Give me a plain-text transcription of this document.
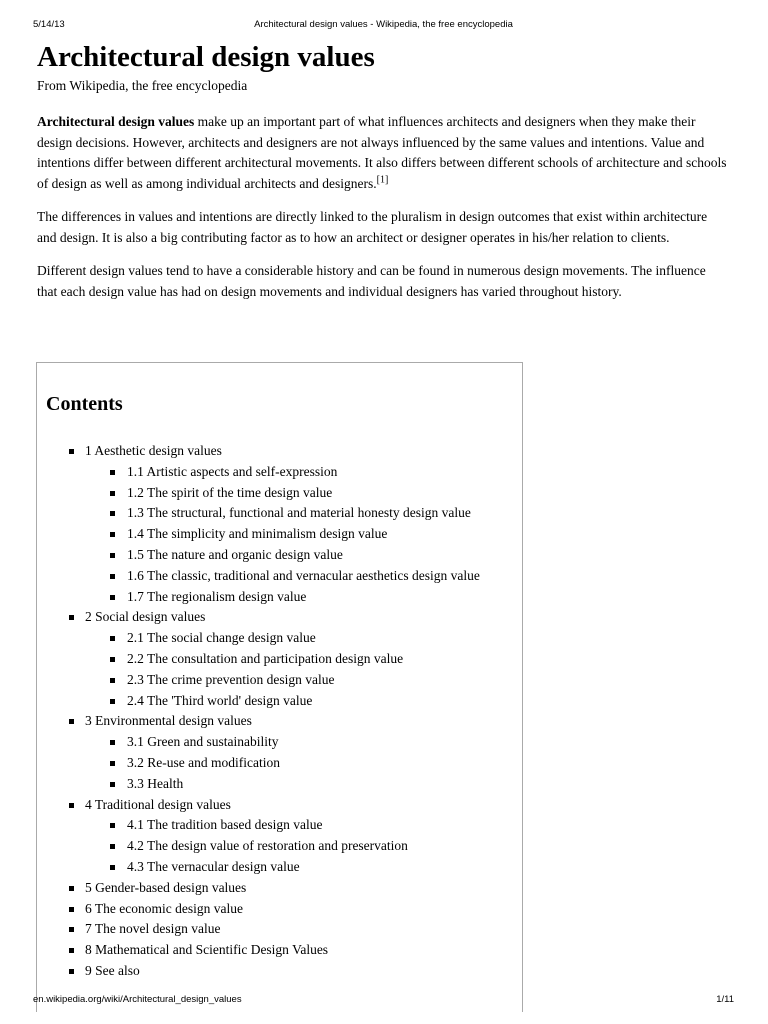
5/14/13	Architectural design values - Wikipedia, the free encyclopedia
Architectural design values
From Wikipedia, the free encyclopedia

Architectural design values make up an important part of what influences architects and designers when they make their design decisions. However, architects and designers are not always influenced by the same values and intentions. Value and intentions differ between different architectural movements. It also differs between different schools of architecture and schools of design as well as among individual architects and designers.[1]

The differences in values and intentions are directly linked to the pluralism in design outcomes that exist within architecture and design. It is also a big contributing factor as to how an architect or designer operates in his/her relation to clients.

Different design values tend to have a considerable history and can be found in numerous design movements. The influence that each design value has had on design movements and individual designers has varied throughout history.

Contents
1 Aesthetic design values
1.1 Artistic aspects and self-expression
1.2 The spirit of the time design value
1.3 The structural, functional and material honesty design value
1.4 The simplicity and minimalism design value
1.5 The nature and organic design value
1.6 The classic, traditional and vernacular aesthetics design value
1.7 The regionalism design value
2 Social design values
2.1 The social change design value
2.2 The consultation and participation design value
2.3 The crime prevention design value
2.4 The 'Third world' design value
3 Environmental design values
3.1 Green and sustainability
3.2 Re-use and modification
3.3 Health
4 Traditional design values
4.1 The tradition based design value
4.2 The design value of restoration and preservation
4.3 The vernacular design value
5 Gender-based design values
6 The economic design value
7 The novel design value
8 Mathematical and Scientific Design Values
9 See also
en.wikipedia.org/wiki/Architectural_design_values	1/11
